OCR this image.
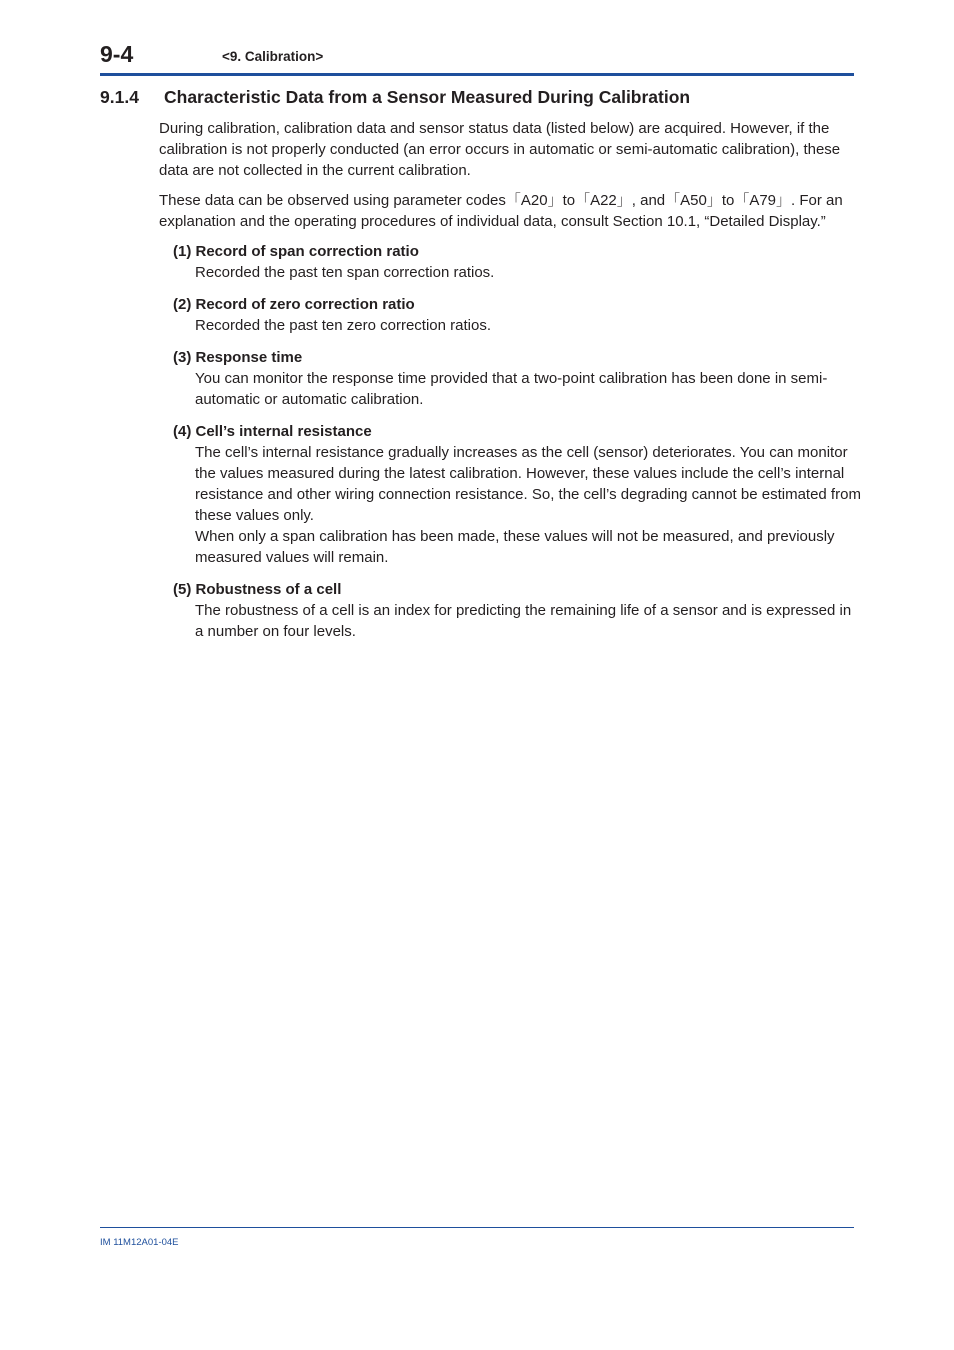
9-4	<9. Calibration>
9.1.4 Characteristic Data from a Sensor Measured During Calibration
During calibration, calibration data and sensor status data (listed below) are acquired. However, if the calibration is not properly conducted (an error occurs in automatic or semi-automatic calibration), these data are not collected in the current calibration.
These data can be observed using parameter codes「A20」to「A22」, and「A50」to「A79」. For an explanation and the operating procedures of individual data, consult Section 10.1, “Detailed Display.”
(1) Record of span correction ratio
Recorded the past ten span correction ratios.
(2) Record of zero correction ratio
Recorded the past ten zero correction ratios.
(3) Response time
You can monitor the response time provided that a two-point calibration has been done in semi-automatic or automatic calibration.
(4) Cell’s internal resistance
The cell’s internal resistance gradually increases as the cell (sensor) deteriorates. You can monitor the values measured during the latest calibration. However, these values include the cell’s internal resistance and other wiring connection resistance. So, the cell’s degrading cannot be estimated from these values only.
When only a span calibration has been made, these values will not be measured, and previously measured values will remain.
(5) Robustness of a cell
The robustness of a cell is an index for predicting the remaining life of a sensor and is expressed in a number on four levels.
IM 11M12A01-04E
